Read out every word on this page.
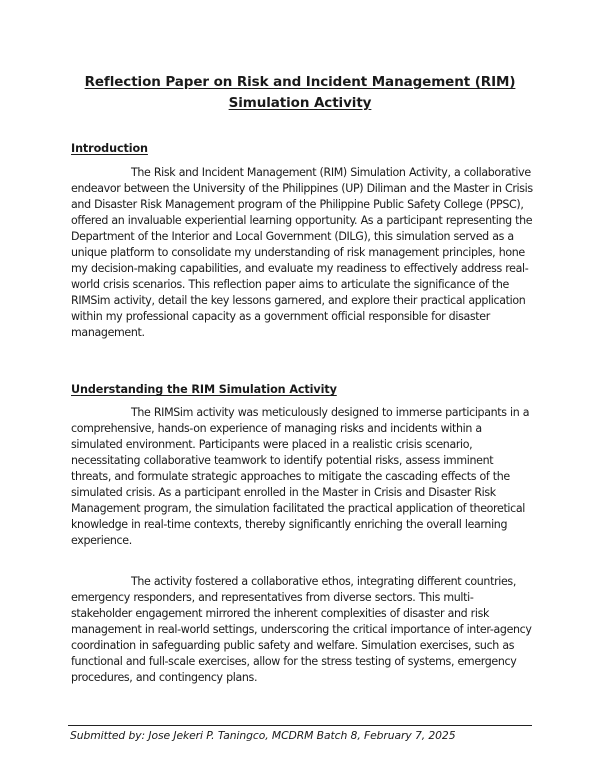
Reflection Paper on Risk and Incident Management (RIM)
Simulation Activity
Introduction

The Risk and Incident Management (RIM) Simulation Activity, a collaborative endeavor between the University of the Philippines (UP) Diliman and the Master in Crisis and Disaster Risk Management program of the Philippine Public Safety College (PPSC), offered an invaluable experiential learning opportunity. As a participant representing the Department of the Interior and Local Government (DILG), this simulation served as a unique platform to consolidate my understanding of risk management principles, hone my decision-making capabilities, and evaluate my readiness to effectively address real-world crisis scenarios. This reflection paper aims to articulate the significance of the RIMSim activity, detail the key lessons garnered, and explore their practical application within my professional capacity as a government official responsible for disaster management.

Understanding the RIM Simulation Activity

The RIMSim activity was meticulously designed to immerse participants in a comprehensive, hands-on experience of managing risks and incidents within a simulated environment. Participants were placed in a realistic crisis scenario, necessitating collaborative teamwork to identify potential risks, assess imminent threats, and formulate strategic approaches to mitigate the cascading effects of the simulated crisis. As a participant enrolled in the Master in Crisis and Disaster Risk Management program, the simulation facilitated the practical application of theoretical knowledge in real-time contexts, thereby significantly enriching the overall learning experience.

The activity fostered a collaborative ethos, integrating different countries, emergency responders, and representatives from diverse sectors. This multi-stakeholder engagement mirrored the inherent complexities of disaster and risk management in real-world settings, underscoring the critical importance of inter-agency coordination in safeguarding public safety and welfare. Simulation exercises, such as functional and full-scale exercises, allow for the stress testing of systems, emergency procedures, and contingency plans.

Submitted by: Jose Jekeri P. Taningco, MCDRM Batch 8, February 7, 2025
